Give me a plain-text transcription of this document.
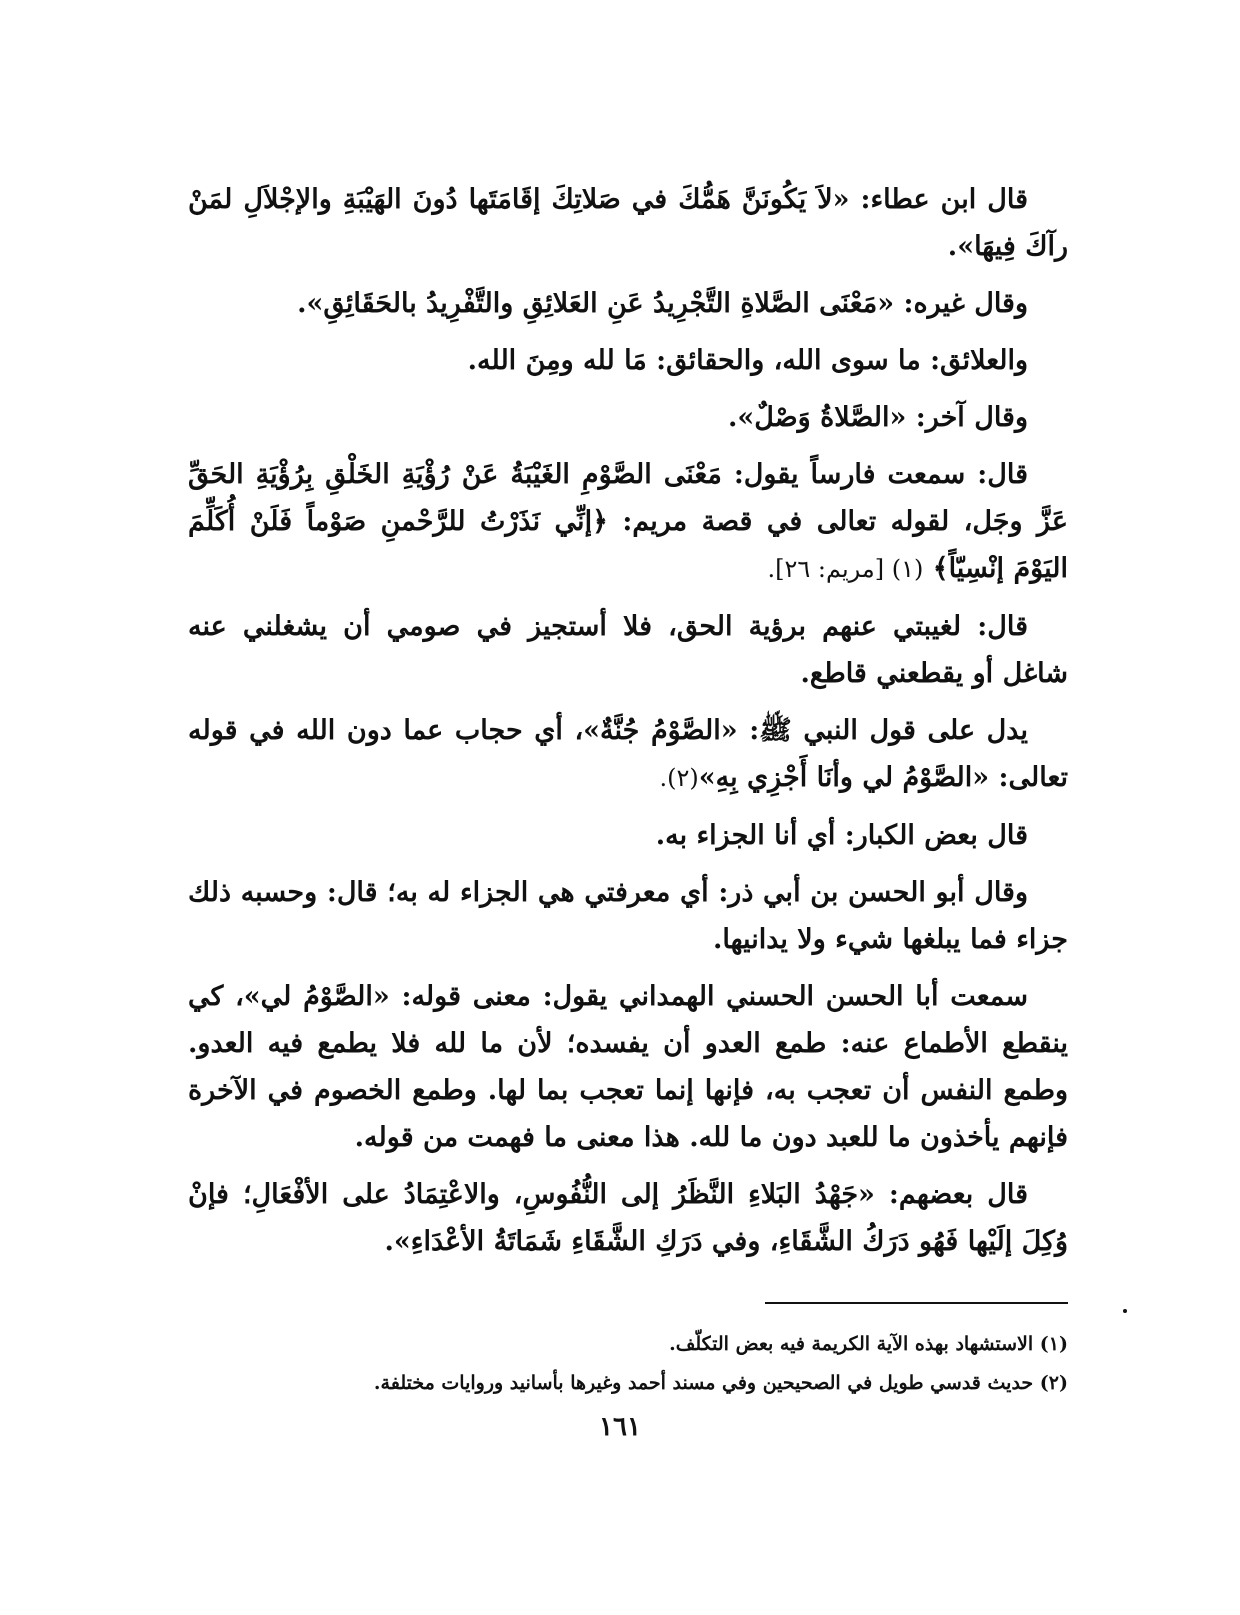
قال ابن عطاء: «لاَ يَكُونَنَّ هَمُّكَ في صَلاتِكَ إقَامَتَها دُونَ الهَيْبَةِ والإجْلاَلِ لمَنْ رآكَ فِيهَا».

وقال غيره: «مَعْنَى الصَّلاةِ التَّجْرِيدُ عَنِ العَلائِقِ والتَّفْرِيدُ بالحَقَائِقِ».

والعلائق: ما سوى الله، والحقائق: مَا لله ومِنَ الله.

وقال آخر: «الصَّلاةُ وَصْلٌ».

قال: سمعت فارساً يقول: مَعْنَى الصَّوْمِ الغَيْبَةُ عَنْ رُؤْيَةِ الخَلْقِ بِرُؤْيَةِ الحَقِّ عَزَّ وجَل، لقوله تعالى في قصة مريم: ﴿إنِّي نَذَرْتُ للرَّحْمنِ صَوْماً فَلَنْ أُكَلِّمَ اليَوْمَ إنْسِيّاً﴾ (١) [مريم: ٢٦].

قال: لغيبتي عنهم برؤية الحق، فلا أستجيز في صومي أن يشغلني عنه شاغل أو يقطعني قاطع.

يدل على قول النبي ﷺ: «الصَّوْمُ جُنَّةٌ»، أي حجاب عما دون الله في قوله تعالى: «الصَّوْمُ لي وأنَا أَجْزِي بِهِ»(٢).

قال بعض الكبار: أي أنا الجزاء به.

وقال أبو الحسن بن أبي ذر: أي معرفتي هي الجزاء له به؛ قال: وحسبه ذلك جزاء فما يبلغها شيء ولا يدانيها.

سمعت أبا الحسن الحسني الهمداني يقول: معنى قوله: «الصَّوْمُ لي»، كي ينقطع الأطماع عنه: طمع العدو أن يفسده؛ لأن ما لله فلا يطمع فيه العدو. وطمع النفس أن تعجب به، فإنها إنما تعجب بما لها. وطمع الخصوم في الآخرة فإنهم يأخذون ما للعبد دون ما لله. هذا معنى ما فهمت من قوله.

قال بعضهم: «جَهْدُ البَلاءِ النَّظَرُ إلى النُّفُوسِ، والاعْتِمَادُ على الأفْعَالِ؛ فإنْ وُكِلَ إلَيْها فَهُو دَرَكُ الشَّقَاءِ، وفي دَرَكِ الشَّقَاءِ شَمَاتَةُ الأعْدَاءِ».

(١) الاستشهاد بهذه الآية الكريمة فيه بعض التكلّف.

(٢) حديث قدسي طويل في الصحيحين وفي مسند أحمد وغيرها بأسانيد وروايات مختلفة.

١٦١
